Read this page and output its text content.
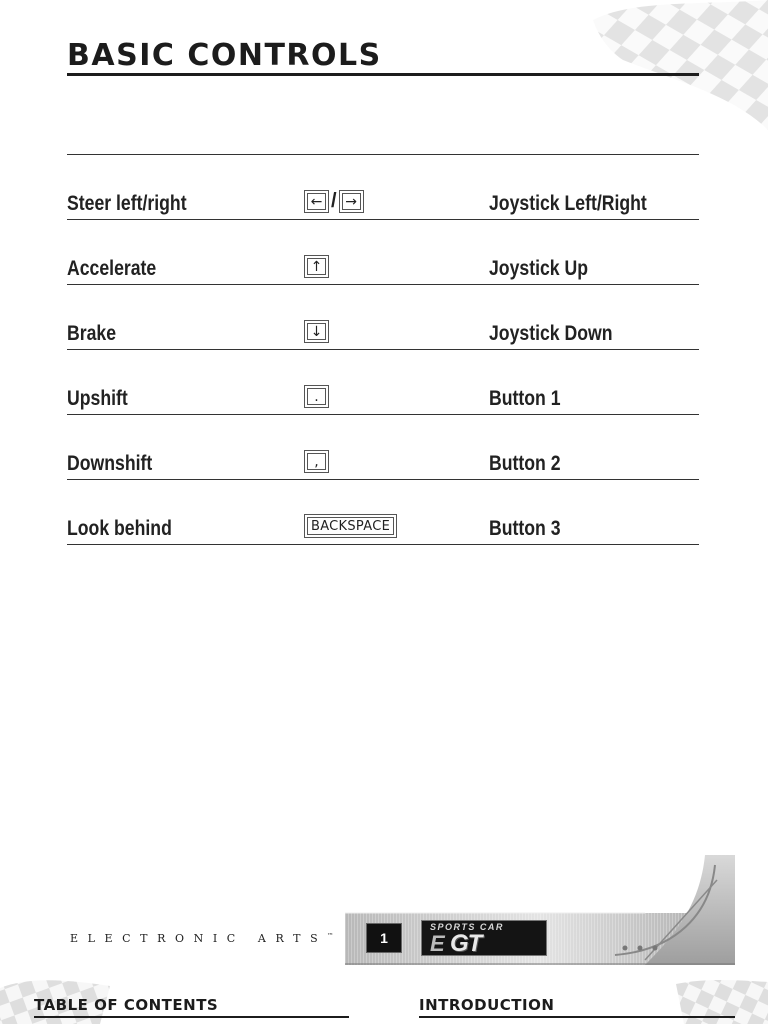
BASIC CONTROLS
Steer left/right	← / →	Joystick Left/Right
Accelerate	↑	Joystick Up
Brake	↓	Joystick Down
Upshift	.	Button 1
Downshift	,	Button 2
Look behind	BACKSPACE	Button 3
ELECTRONIC ARTS™	1
SPORTS CAR
E GT
TABLE OF CONTENTS	INTRODUCTION
